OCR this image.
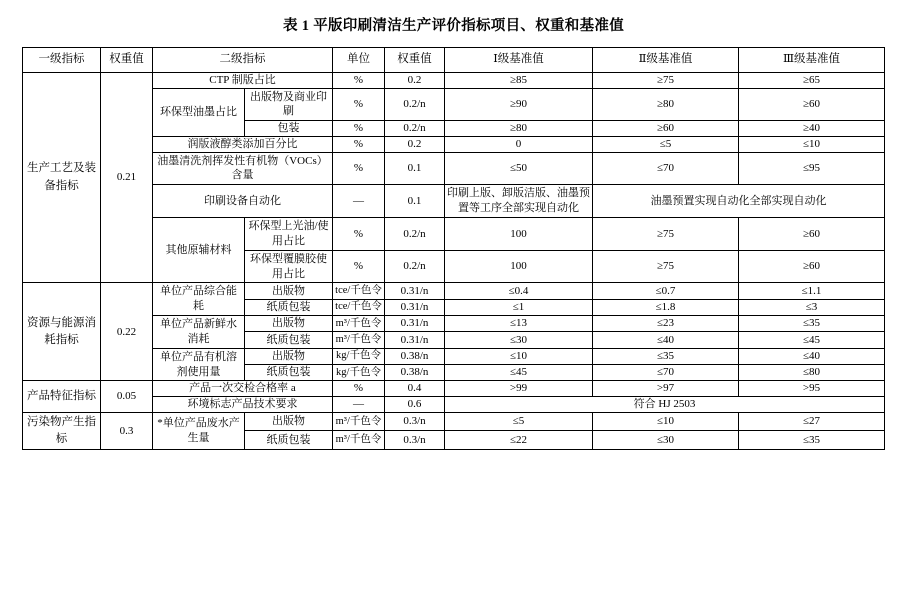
表 1 平版印刷清洁生产评价指标项目、权重和基准值
一级指标	权重值	二级指标		单位	权重值	Ⅰ级基准值	Ⅱ级基准值	Ⅲ级基准值
生产工艺及装备指标	0.21	CTP 制版占比		%	0.2	≥85	≥75	≥65
		环保型油墨占比	出版物及商业印刷	%	0.2/n	≥90	≥80	≥60
			包装	%	0.2/n	≥80	≥60	≥40
		润版液醇类添加百分比		%	0.2	0	≤5	≤10
		油墨清洗剂挥发性有机物（VOCs）含量		%	0.1	≤50	≤70	≤95
		印刷设备自动化		—	0.1	印刷上版、卸版洁版、油墨预置等工序全部实现自动化	油墨预置实现自动化全部实现自动化	
		其他原辅材料	环保型上光油/使用占比	%	0.2/n	100	≥75	≥60
			环保型覆膜胶使用占比	%	0.2/n	100	≥75	≥60
资源与能源消耗指标	0.22	单位产品综合能耗	出版物	tce/千色令	0.31/n	≤0.4	≤0.7	≤1.1
			纸质包装	tce/千色令	0.31/n	≤1	≤1.8	≤3
		单位产品新鲜水消耗	出版物	m³/千色令	0.31/n	≤13	≤23	≤35
			纸质包装	m³/千色令	0.31/n	≤30	≤40	≤45
		单位产品有机溶剂使用量	出版物	kg/千色令	0.38/n	≤10	≤35	≤40
			纸质包装	kg/千色令	0.38/n	≤45	≤70	≤80
产品特征指标	0.05	产品一次交检合格率 a		%	0.4	>99	>97	>95
		环境标志产品技术要求		—	0.6	符合 HJ 2503		
污染物产生指标	0.3	*单位产品废水产生量	出版物	m³/千色令	0.3/n	≤5	≤10	≤27
			纸质包装	m³/千色令	0.3/n	≤22	≤30	≤35
